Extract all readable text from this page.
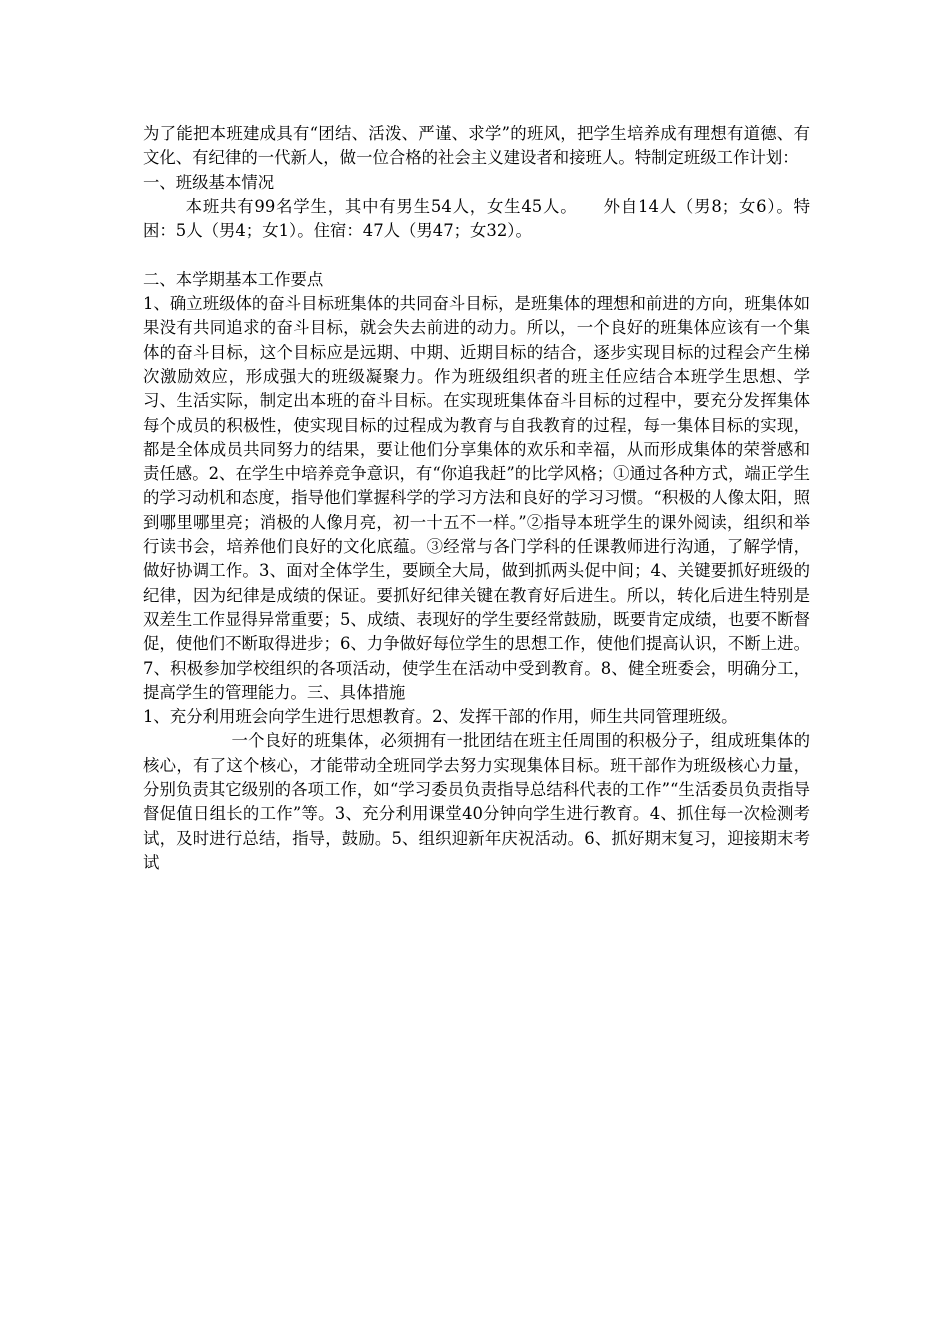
为了能把本班建成具有“团结、活泼、严谨、求学”的班风，把学生培养成有理想有道德、有文化、有纪律的一代新人，做一位合格的社会主义建设者和接班人。特制定班级工作计划：

一、班级基本情况

本班共有99名学生，其中有男生54人，女生45人。　　外自14人（男8；女6）。特困：5人（男4；女1）。住宿：47人（男47；女32）。

二、本学期基本工作要点

1、确立班级体的奋斗目标班集体的共同奋斗目标，是班集体的理想和前进的方向，班集体如果没有共同追求的奋斗目标，就会失去前进的动力。所以，一个良好的班集体应该有一个集体的奋斗目标，这个目标应是远期、中期、近期目标的结合，逐步实现目标的过程会产生梯次激励效应，形成强大的班级凝聚力。作为班级组织者的班主任应结合本班学生思想、学习、生活实际，制定出本班的奋斗目标。在实现班集体奋斗目标的过程中，要充分发挥集体每个成员的积极性，使实现目标的过程成为教育与自我教育的过程，每一集体目标的实现，都是全体成员共同努力的结果，要让他们分享集体的欢乐和幸福，从而形成集体的荣誉感和责任感。2、在学生中培养竞争意识，有“你追我赶”的比学风格；①通过各种方式，端正学生的学习动机和态度，指导他们掌握科学的学习方法和良好的学习习惯。“积极的人像太阳，照到哪里哪里亮；消极的人像月亮，初一十五不一样。”②指导本班学生的课外阅读，组织和举行读书会，培养他们良好的文化底蕴。③经常与各门学科的任课教师进行沟通，了解学情，做好协调工作。3、面对全体学生，要顾全大局，做到抓两头促中间；4、关键要抓好班级的纪律，因为纪律是成绩的保证。要抓好纪律关键在教育好后进生。所以，转化后进生特别是双差生工作显得异常重要；5、成绩、表现好的学生要经常鼓励，既要肯定成绩，也要不断督促，使他们不断取得进步；6、力争做好每位学生的思想工作，使他们提高认识，不断上进。7、积极参加学校组织的各项活动，使学生在活动中受到教育。8、健全班委会，明确分工，提高学生的管理能力。三、具体措施

1、充分利用班会向学生进行思想教育。2、发挥干部的作用，师生共同管理班级。

一个良好的班集体，必须拥有一批团结在班主任周围的积极分子，组成班集体的核心，有了这个核心，才能带动全班同学去努力实现集体目标。班干部作为班级核心力量，分别负责其它级别的各项工作，如“学习委员负责指导总结科代表的工作”“生活委员负责指导督促值日组长的工作”等。3、充分利用课堂40分钟向学生进行教育。4、抓住每一次检测考试，及时进行总结，指导，鼓励。5、组织迎新年庆祝活动。6、抓好期末复习，迎接期末考试
